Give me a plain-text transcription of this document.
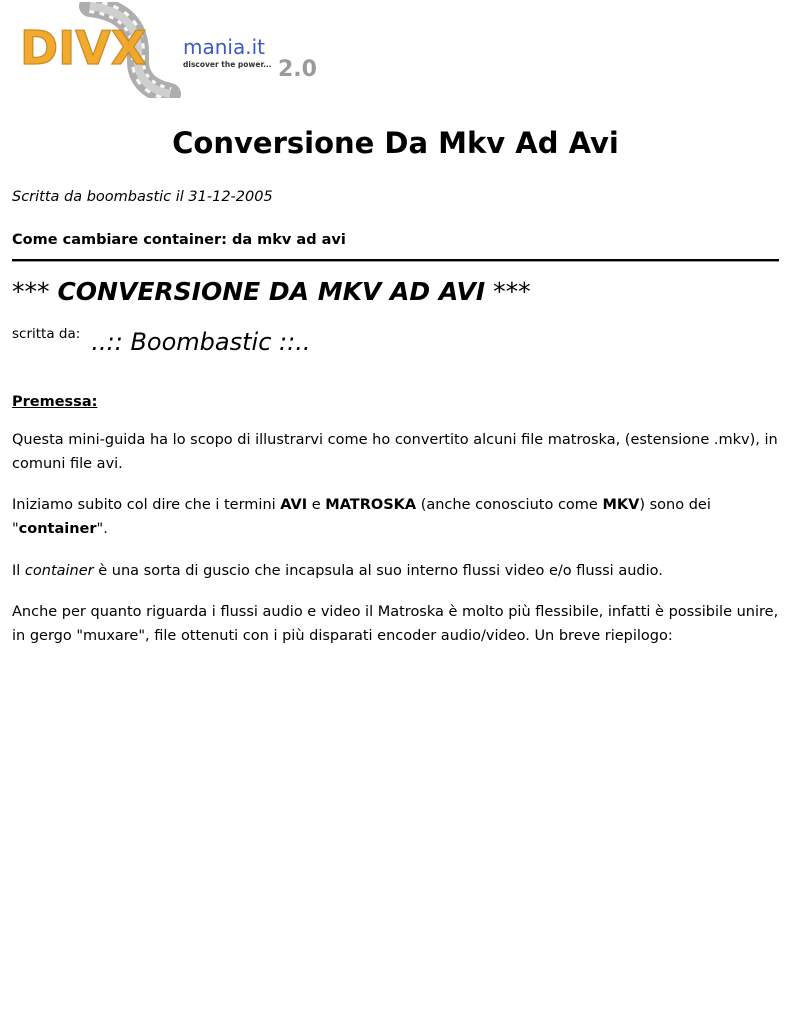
DIVX mania.it
discover the power... 2.0
Conversione Da Mkv Ad Avi

Scritta da boombastic il 31-12-2005

Come cambiare container: da mkv ad avi

*** CONVERSIONE DA MKV AD AVI ***
$^{scritta da:}$ ..:: Boombastic ::..

Premessa:

Questa mini-guida ha lo scopo di illustrarvi come ho convertito alcuni file matroska, (estensione .mkv), in comuni file avi.

Iniziamo subito col dire che i termini AVI e MATROSKA (anche conosciuto come MKV) sono dei "container".

Il container è una sorta di guscio che incapsula al suo interno flussi video e/o flussi audio.

Anche per quanto riguarda i flussi audio e video il Matroska è molto più flessibile, infatti è possibile unire, in gergo "muxare", file ottenuti con i più disparati encoder audio/video. Un breve riepilogo:
